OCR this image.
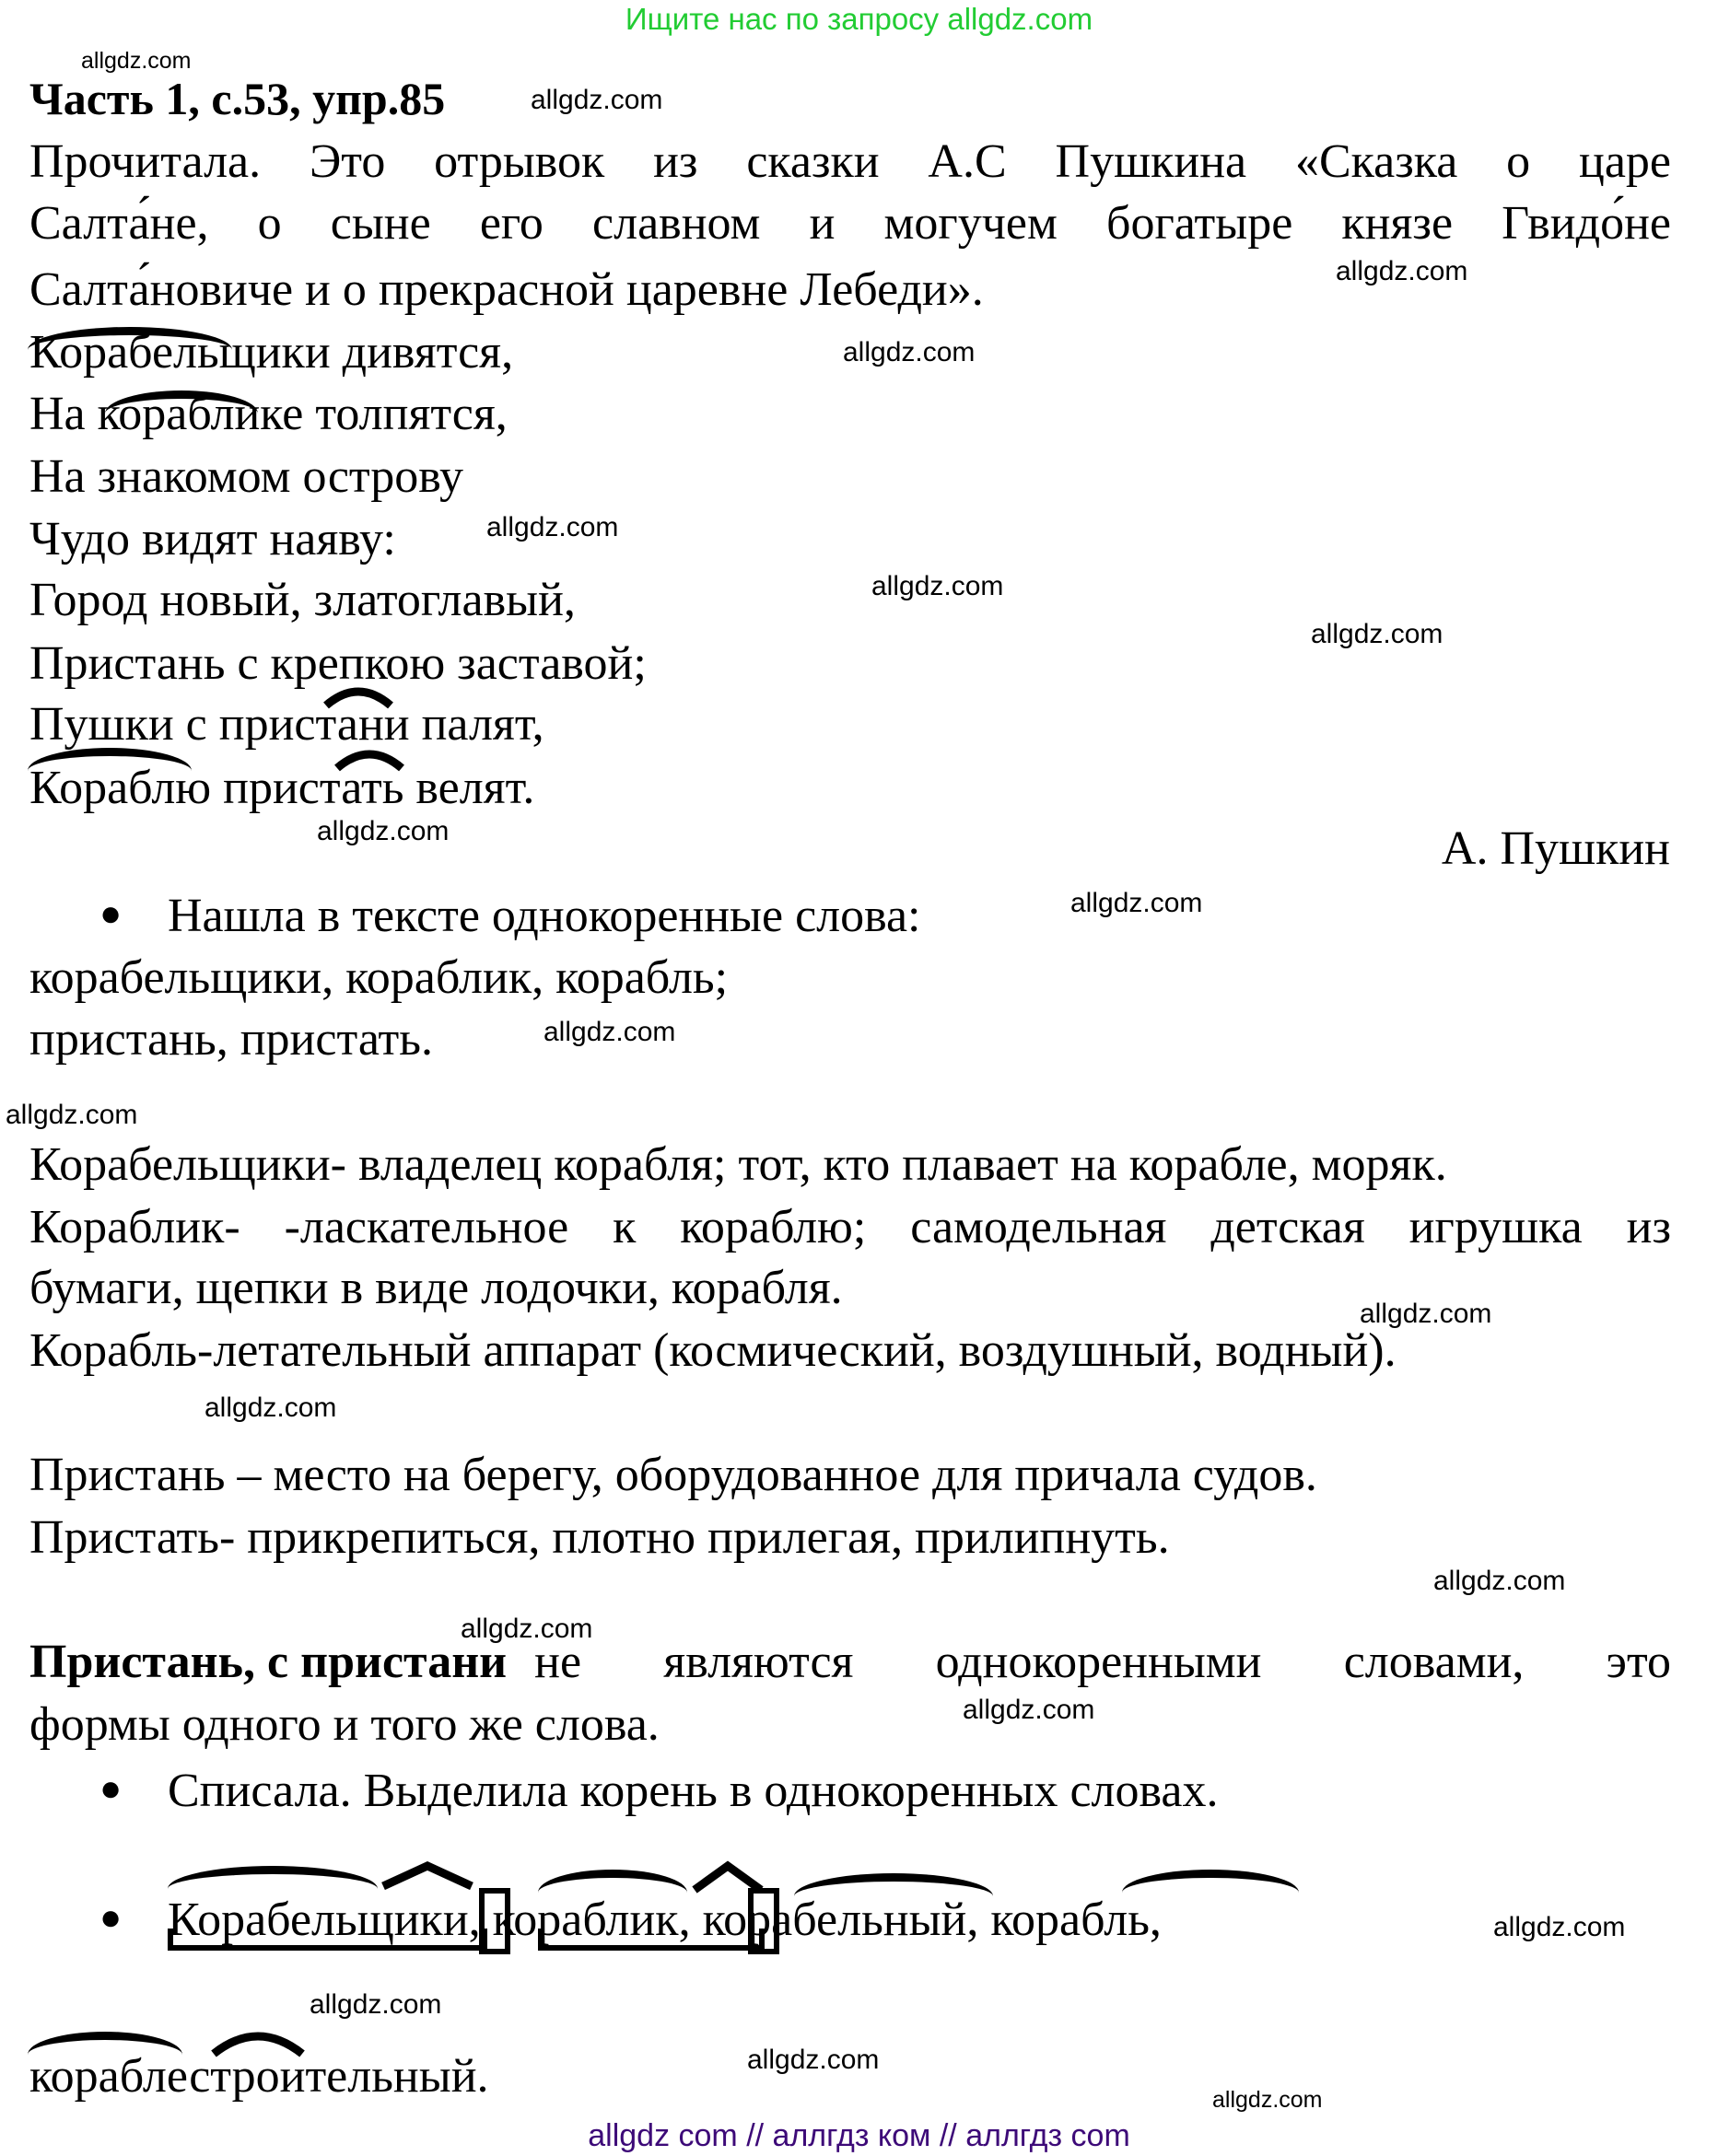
Ищите нас по запросу allgdz.com
allgdz.com
allgdz.com
allgdz.com
allgdz.com
allgdz.com
allgdz.com
allgdz.com
allgdz.com
allgdz.com
allgdz.com
allgdz.com
allgdz.com
allgdz.com
allgdz.com
allgdz.com
allgdz.com
allgdz.com
allgdz.com
allgdz.com
allgdz.com
Часть 1, с.53, упр.85
Прочитала. Это отрывок из сказки А.С Пушкина «Сказка о царе
Салта́не, о сыне его славном и могучем богатыре князе Гвидо́не
Салта́новиче и о прекрасной царевне Лебеди».
Корабельщики дивятся,
На кораблике толпятся,
На знакомом острову
Чудо видят наяву:
Город новый, златоглавый,
Пристань с крепкою заставой;
Пушки с пристани палят,
Кораблю пристать велят.
А. Пушкин
● Нашла в тексте однокоренные слова:
корабельщики, кораблик, корабль;
пристань, пристать.
Корабельщики- владелец корабля; тот, кто плавает на корабле, моряк.
Кораблик- -ласкательное к кораблю; самодельная детская игрушка из
бумаги, щепки в виде лодочки, корабля.
Корабль-летательный аппарат (космический, воздушный, водный).
Пристань – место на берегу, оборудованное для причала судов.
Пристать- прикрепиться, плотно прилегая, прилипнуть.
Пристань, с пристани не являются однокоренными словами, это
формы одного и того же слова.
● Списала. Выделила корень в однокоренных словах.
● Корабельщики, кораблик, корабельный, корабль,
кораблестроительный.
allgdz com // аллгдз ком // аллгдз com
